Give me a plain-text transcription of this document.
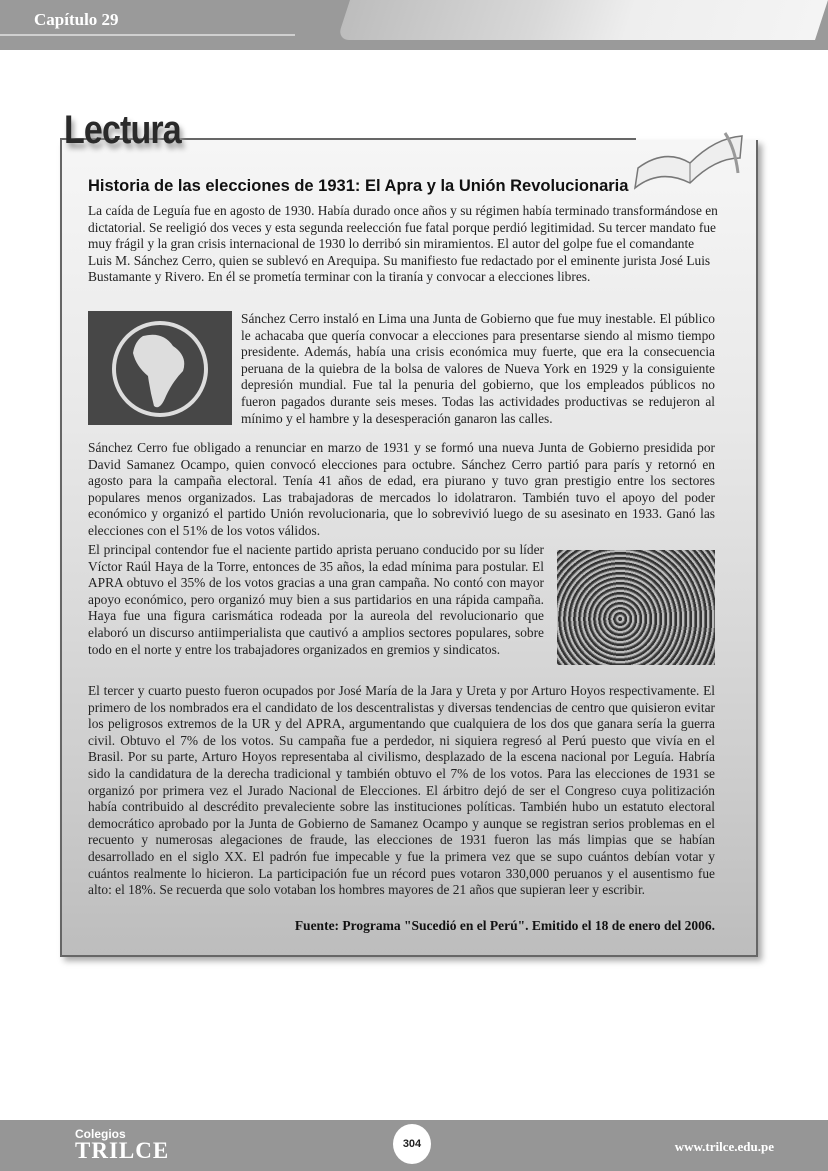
Capítulo 29
Lectura
Historia de las elecciones de 1931: El Apra y la Unión Revolucionaria

La caída de Leguía fue en agosto de 1930. Había durado once años y su régimen había terminado transformándose en dictatorial. Se reeligió dos veces y esta segunda reelección fue fatal porque perdió legitimidad. Su tercer mandato fue muy frágil y la gran crisis internacional de 1930 lo derribó sin miramientos. El autor del golpe fue el comandante Luis M. Sánchez Cerro, quien se sublevó en Arequipa. Su manifiesto fue redactado por el eminente jurista José Luis Bustamante y Rivero. En él se prometía terminar con la tiranía y convocar a elecciones libres.

Sánchez Cerro instaló en Lima una Junta de Gobierno que fue muy inestable. El público le achacaba que quería convocar a elecciones para presentarse siendo al mismo tiempo presidente. Además, había una crisis económica muy fuerte, que era la consecuencia peruana de la quiebra de la bolsa de valores de Nueva York en 1929 y la consiguiente depresión mundial. Fue tal la penuria del gobierno, que los empleados públicos no fueron pagados durante seis meses. Todas las actividades productivas se redujeron al mínimo y el hambre y la desesperación ganaron las calles.

Sánchez Cerro fue obligado a renunciar en marzo de 1931 y se formó una nueva Junta de Gobierno presidida por David Samanez Ocampo, quien convocó elecciones para octubre. Sánchez Cerro partió para parís y retornó en agosto para la campaña electoral. Tenía 41 años de edad, era piurano y tuvo gran prestigio entre los sectores populares menos organizados. Las trabajadoras de mercados lo idolatraron. También tuvo el apoyo del poder económico y organizó el partido Unión revolucionaria, que lo sobrevivió luego de su asesinato en 1933. Ganó las elecciones con el 51% de los votos válidos.

El principal contendor fue el naciente partido aprista peruano conducido por su líder Víctor Raúl Haya de la Torre, entonces de 35 años, la edad mínima para postular. El APRA obtuvo el 35% de los votos gracias a una gran campaña. No contó con mayor apoyo económico, pero organizó muy bien a sus partidarios en una rápida campaña. Haya fue una figura carismática rodeada por la aureola del revolucionario que elaboró un discurso antiimperialista que cautivó a amplios sectores populares, sobre todo en el norte y entre los trabajadores organizados en gremios y sindicatos.

El tercer y cuarto puesto fueron ocupados por José María de la Jara y Ureta y por Arturo Hoyos respectivamente. El primero de los nombrados era el candidato de los descentralistas y diversas tendencias de centro que quisieron evitar los peligrosos extremos de la UR y del APRA, argumentando que cualquiera de los dos que ganara sería la guerra civil. Obtuvo el 7% de los votos. Su campaña fue a perdedor, ni siquiera regresó al Perú puesto que vivía en el Brasil. Por su parte, Arturo Hoyos representaba al civilismo, desplazado de la escena nacional por Leguía. Habría sido la candidatura de la derecha tradicional y también obtuvo el 7% de los votos. Para las elecciones de 1931 se organizó por primera vez el Jurado Nacional de Elecciones. El árbitro dejó de ser el Congreso cuya politización había contribuido al descrédito prevaleciente sobre las instituciones políticas. También hubo un estatuto electoral democrático aprobado por la Junta de Gobierno de Samanez Ocampo y aunque se registran serios problemas en el recuento y numerosas alegaciones de fraude, las elecciones de 1931 fueron las más limpias que se habían desarrollado en el siglo XX. El padrón fue impecable y fue la primera vez que se supo cuántos debían votar y cuántos realmente lo hicieron. La participación fue un récord pues votaron 330,000 peruanos y el ausentismo fue alto: el 18%. Se recuerda que solo votaban los hombres mayores de 21 años que supieran leer y escribir.

Fuente: Programa "Sucedió en el Perú". Emitido el 18 de enero del 2006.
Colegios
TRILCE	304	www.trilce.edu.pe
